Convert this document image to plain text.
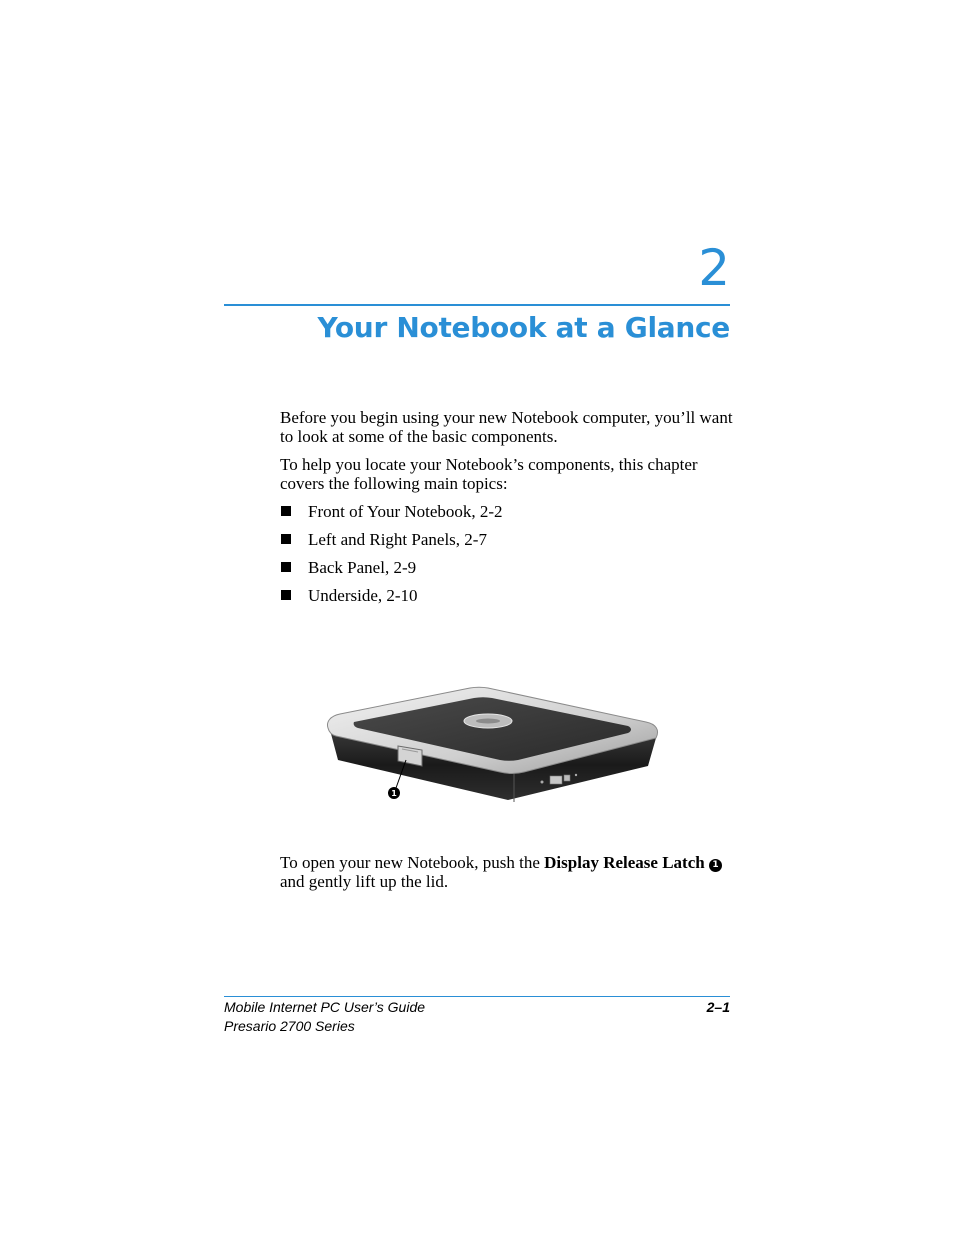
2
Your Notebook at a Glance
Before you begin using your new Notebook computer, you’ll want to look at some of the basic components.
To help you locate your Notebook’s components, this chapter covers the following main topics:
Front of Your Notebook, 2-2
Left and Right Panels, 2-7
Back Panel, 2-9
Underside, 2-10
1
To open your new Notebook, push the Display Release Latch 1 and gently lift up the lid.
Mobile Internet PC User’s Guide
Presario 2700 Series
2–1
